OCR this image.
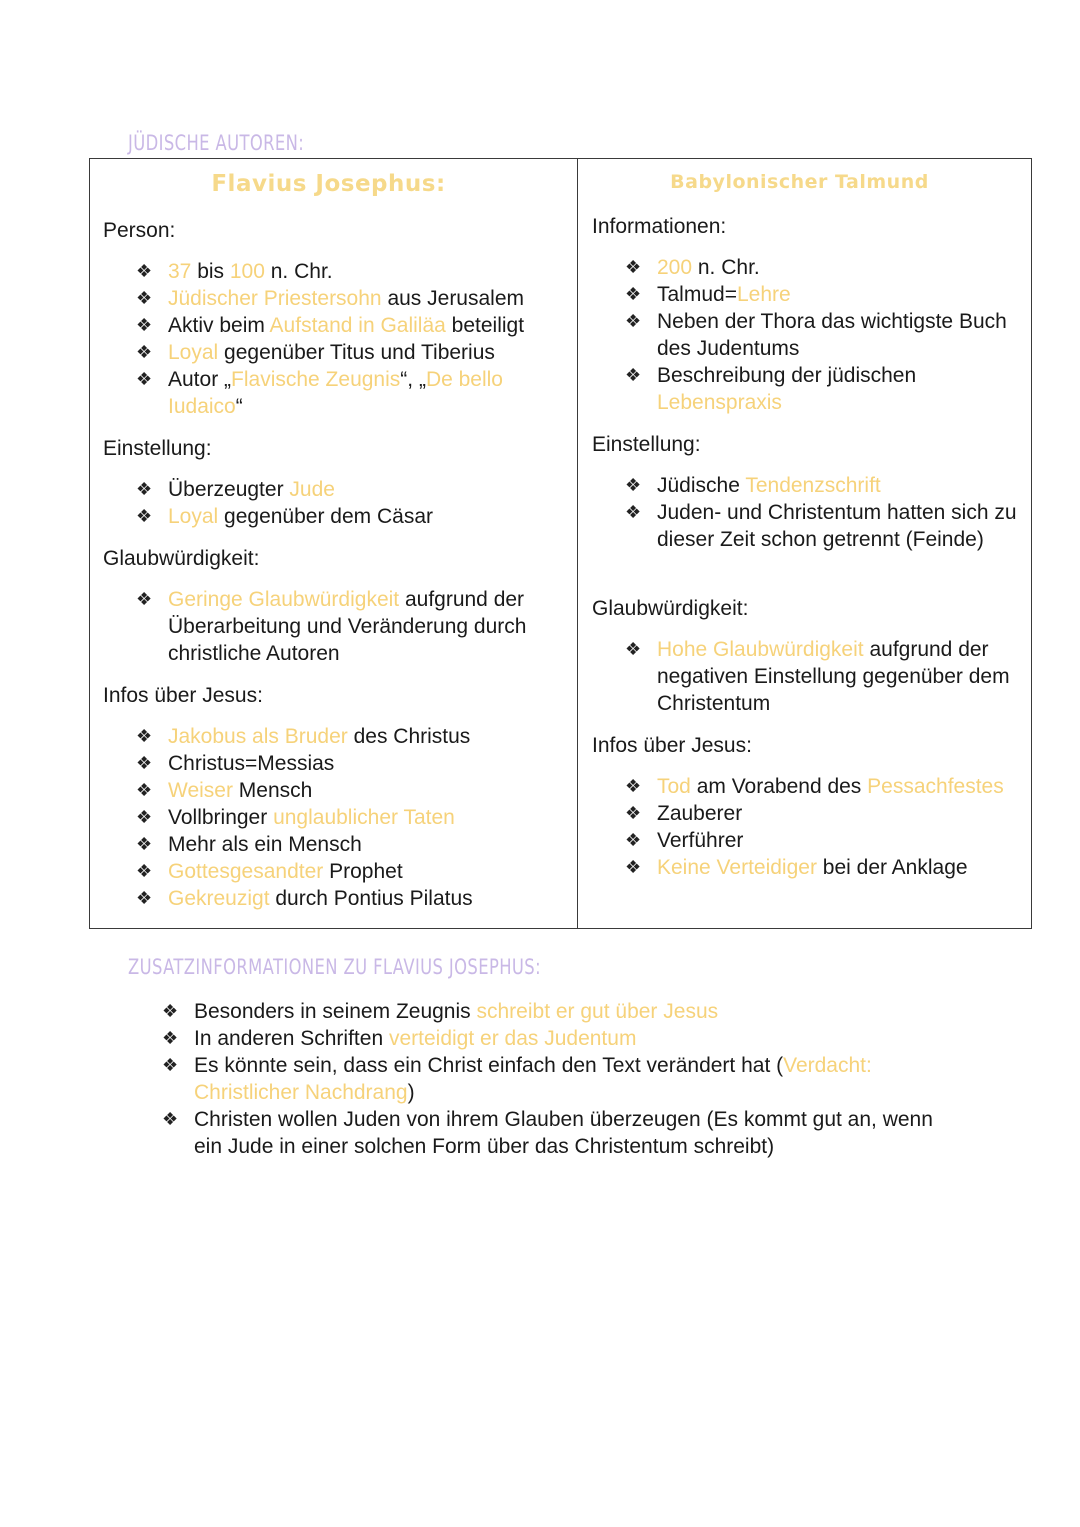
JÜDISCHE AUTOREN:
Flavius Josephus:
Person:
❖ 37 bis 100 n. Chr.
❖ Jüdischer Priestersohn aus Jerusalem
❖ Aktiv beim Aufstand in Galiläa beteiligt
❖ Loyal gegenüber Titus und Tiberius
❖ Autor „Flavische Zeugnis“, „De bello Iudaico“
Einstellung:
❖ Überzeugter Jude
❖ Loyal gegenüber dem Cäsar
Glaubwürdigkeit:
❖ Geringe Glaubwürdigkeit aufgrund der Überarbeitung und Veränderung durch christliche Autoren
Infos über Jesus:
❖ Jakobus als Bruder des Christus
❖ Christus=Messias
❖ Weiser Mensch
❖ Vollbringer unglaublicher Taten
❖ Mehr als ein Mensch
❖ Gottesgesandter Prophet
❖ Gekreuzigt durch Pontius Pilatus
Babylonischer Talmund
Informationen:
❖ 200 n. Chr.
❖ Talmud=Lehre
❖ Neben der Thora das wichtigste Buch des Judentums
❖ Beschreibung der jüdischen Lebenspraxis
Einstellung:
❖ Jüdische Tendenzschrift
❖ Juden- und Christentum hatten sich zu dieser Zeit schon getrennt (Feinde)
Glaubwürdigkeit:
❖ Hohe Glaubwürdigkeit aufgrund der negativen Einstellung gegenüber dem Christentum
Infos über Jesus:
❖ Tod am Vorabend des Pessachfestes
❖ Zauberer
❖ Verführer
❖ Keine Verteidiger bei der Anklage
ZUSATZINFORMATIONEN ZU FLAVIUS JOSEPHUS:
❖ Besonders in seinem Zeugnis schreibt er gut über Jesus
❖ In anderen Schriften verteidigt er das Judentum
❖ Es könnte sein, dass ein Christ einfach den Text verändert hat (Verdacht: Christlicher Nachdrang)
❖ Christen wollen Juden von ihrem Glauben überzeugen (Es kommt gut an, wenn ein Jude in einer solchen Form über das Christentum schreibt)
